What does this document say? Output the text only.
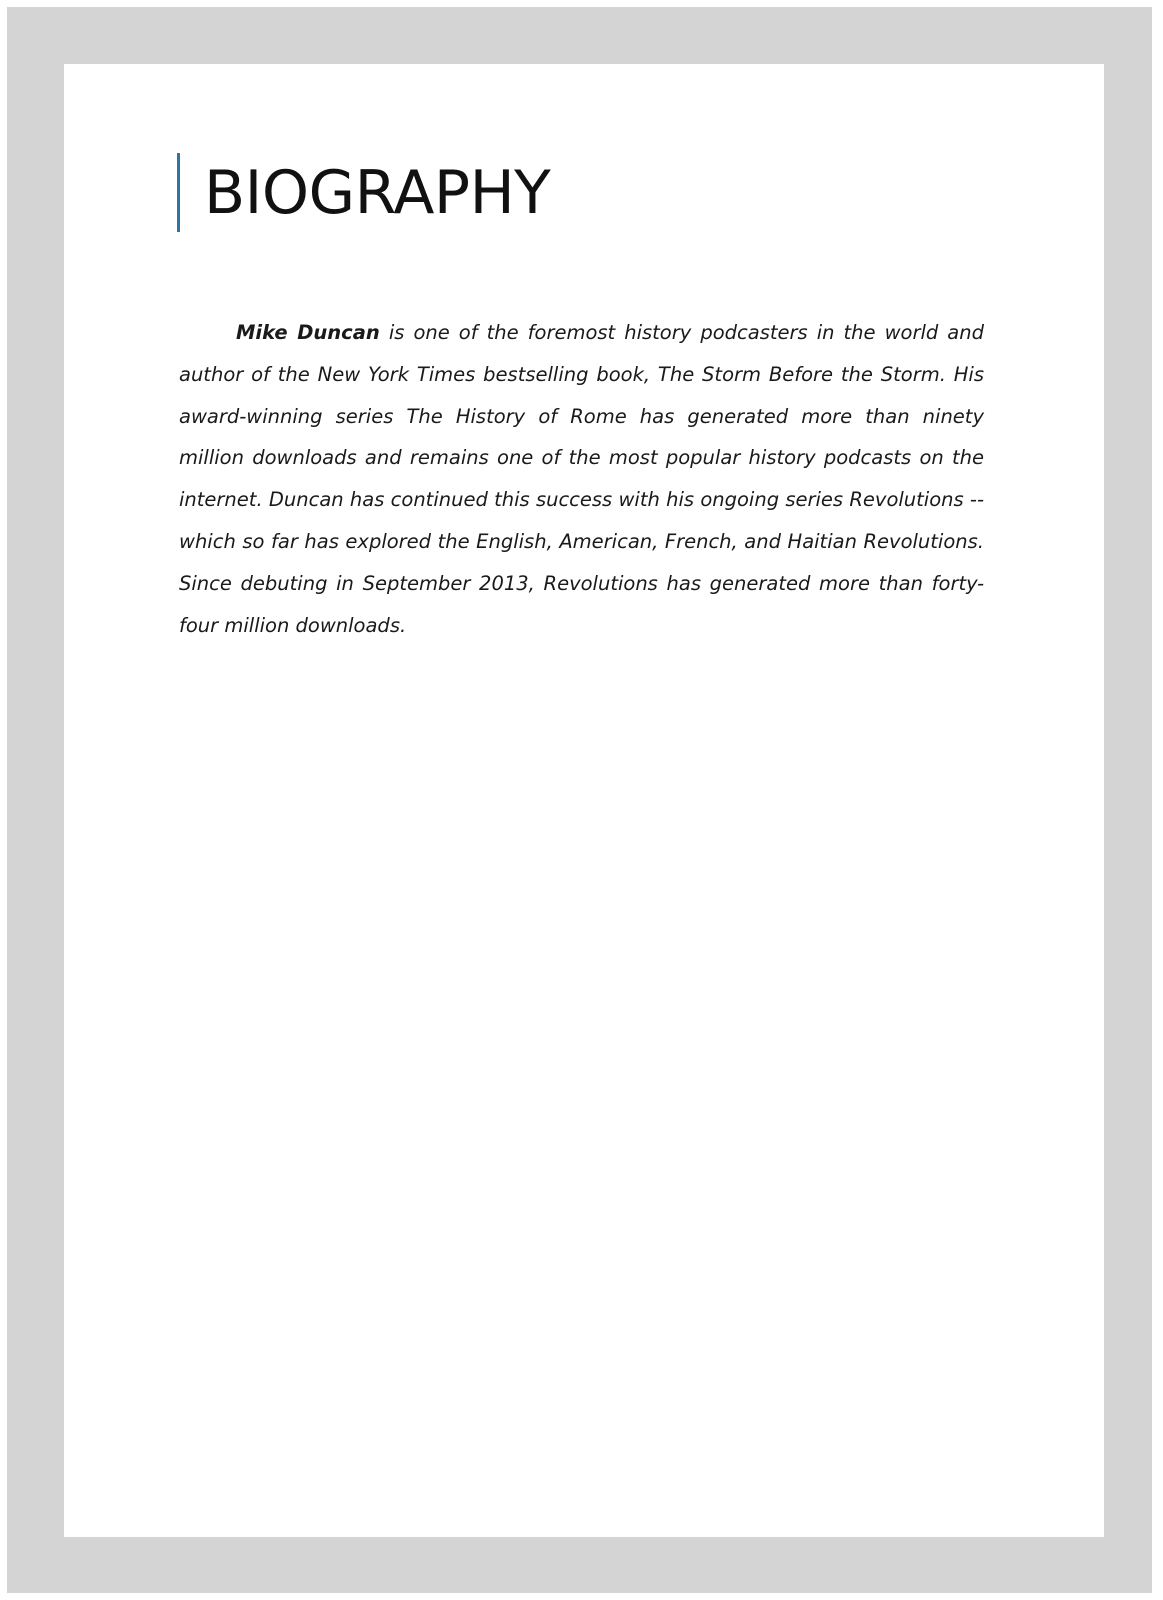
BIOGRAPHY

Mike Duncan is one of the foremost history podcasters in the world and author of the New York Times bestselling book, The Storm Before the Storm. His award-winning series The History of Rome has generated more than ninety million downloads and remains one of the most popular history podcasts on the internet. Duncan has continued this success with his ongoing series Revolutions -- which so far has explored the English, American, French, and Haitian Revolutions. Since debuting in September 2013, Revolutions has generated more than forty-four million downloads.
